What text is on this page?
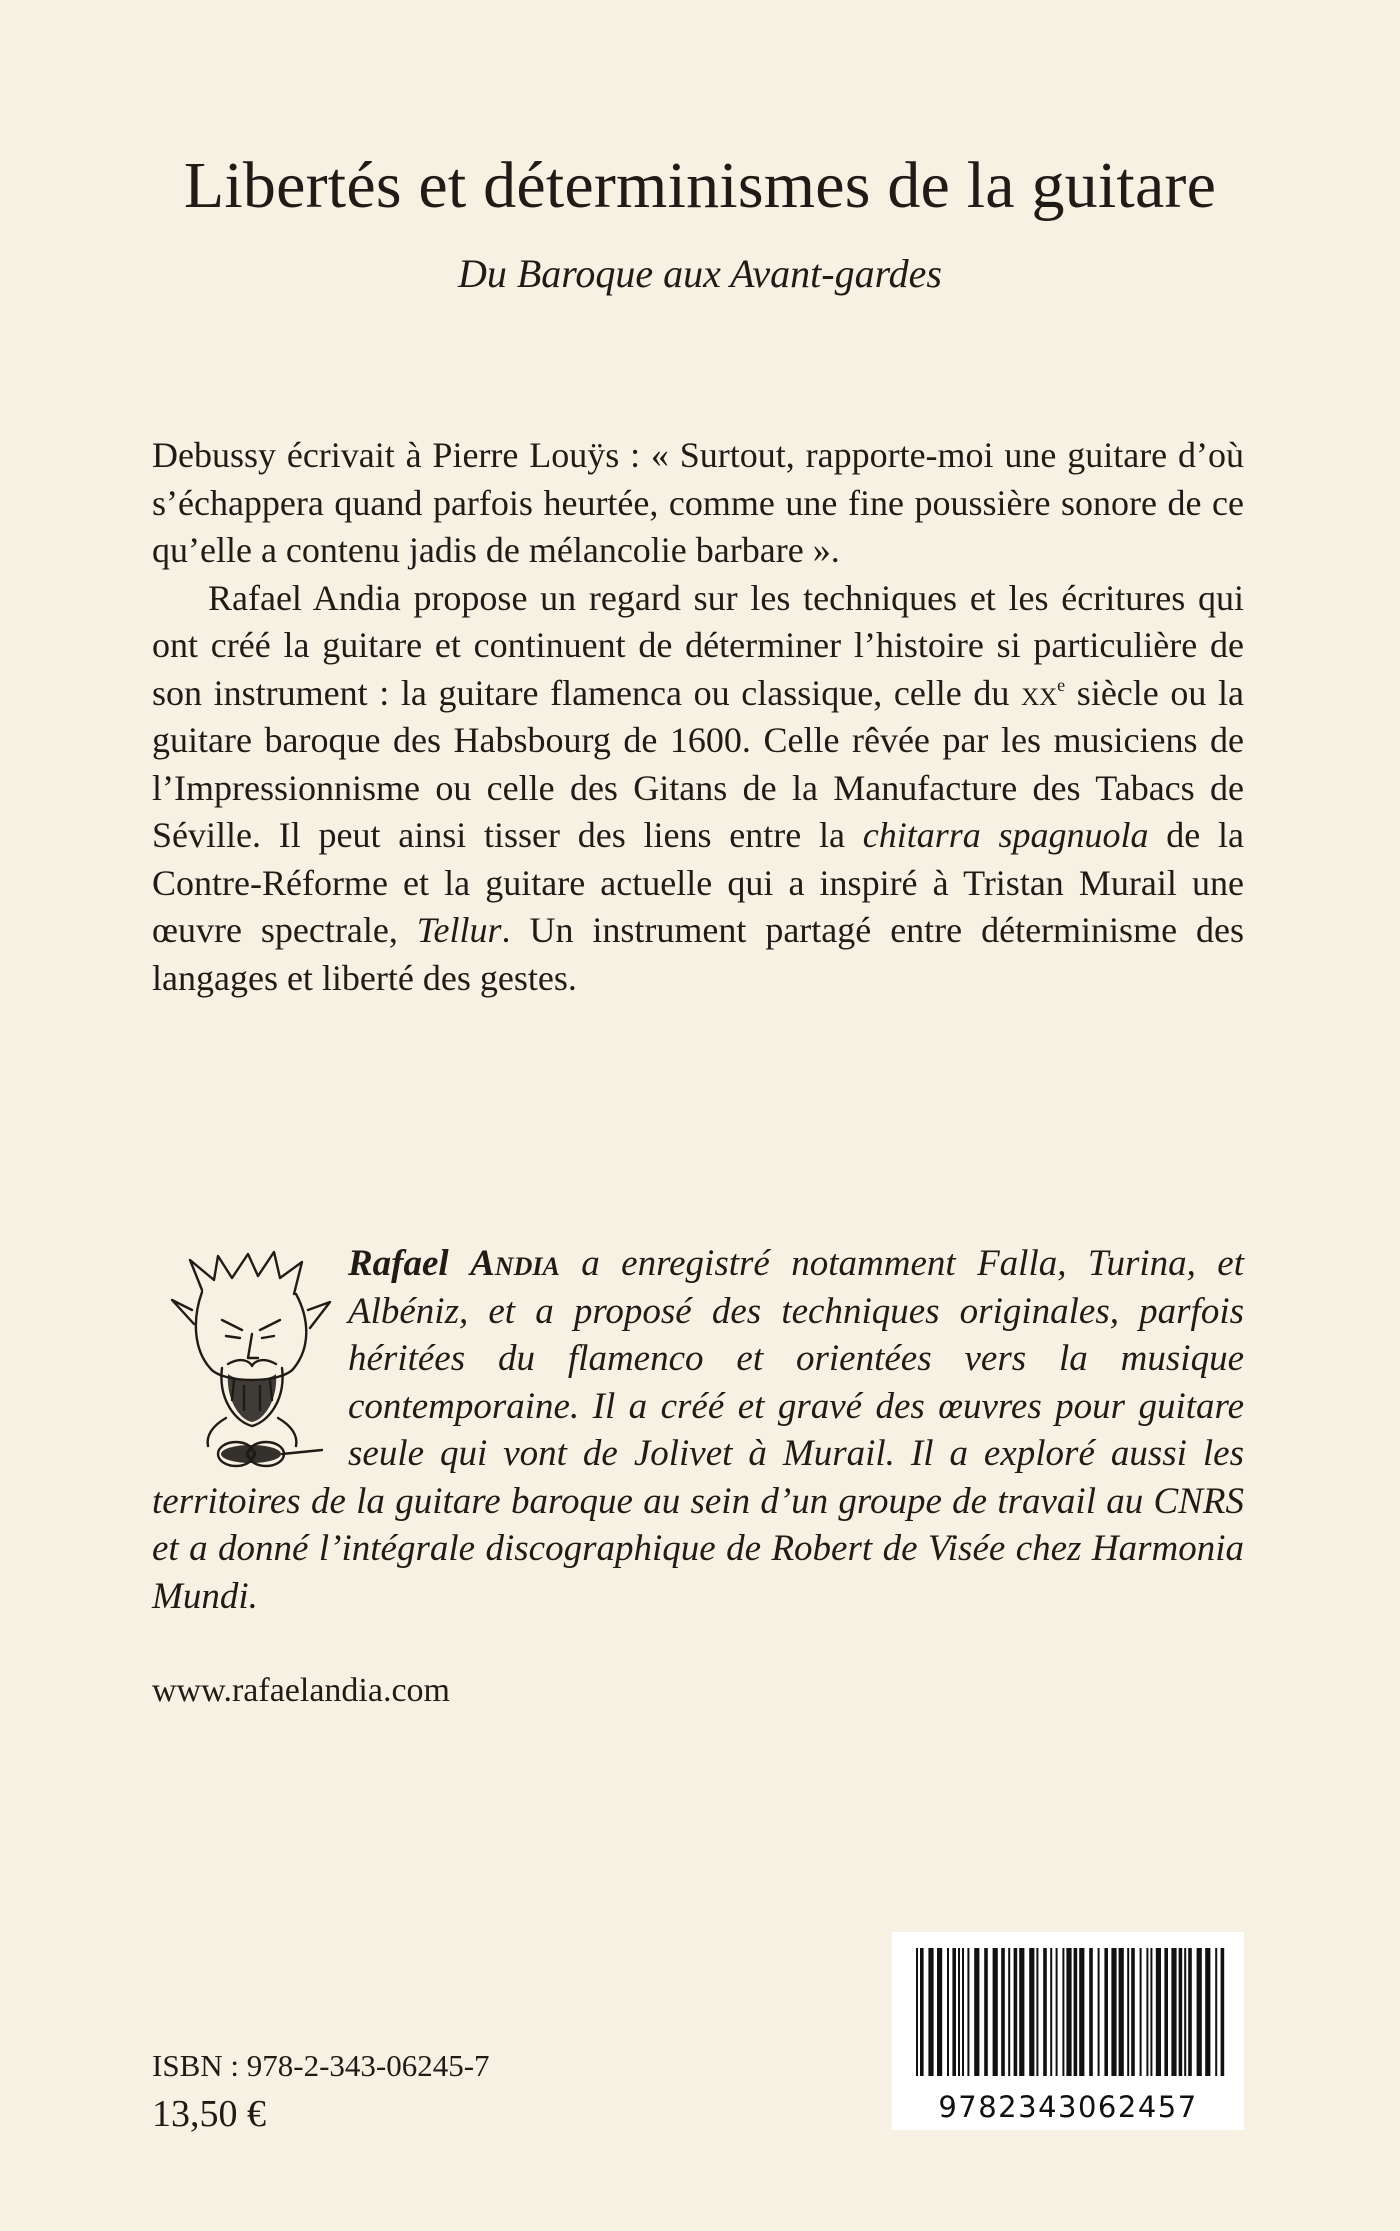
Libertés et déterminismes de la guitare
Du Baroque aux Avant-gardes

Debussy écrivait à Pierre Louÿs : « Surtout, rapporte-moi une guitare d’où s’échappera quand parfois heurtée, comme une fine poussière sonore de ce qu’elle a contenu jadis de mélancolie barbare ».

Rafael Andia propose un regard sur les techniques et les écritures qui ont créé la guitare et continuent de déterminer l’histoire si particulière de son instrument : la guitare flamenca ou classique, celle du $xx^e$ siècle ou la guitare baroque des Habsbourg de 1600. Celle rêvée par les musiciens de l’Impressionnisme ou celle des Gitans de la Manufacture des Tabacs de Séville. Il peut ainsi tisser des liens entre la chitarra spagnuola de la Contre-Réforme et la guitare actuelle qui a inspiré à Tristan Murail une œuvre spectrale, Tellur. Un instrument partagé entre déterminisme des langages et liberté des gestes.

Rafael Andia a enregistré notamment Falla, Turina, et Albéniz, et a proposé des techniques originales, parfois héritées du flamenco et orientées vers la musique contemporaine. Il a créé et gravé des œuvres pour guitare seule qui vont de Jolivet à Murail. Il a exploré aussi les territoires de la guitare baroque au sein d’un groupe de travail au CNRS et a donné l’intégrale discographique de Robert de Visée chez Harmonia Mundi.
www.rafaelandia.com
ISBN : 978-2-343-06245-7
13,50 €	9782343062457
